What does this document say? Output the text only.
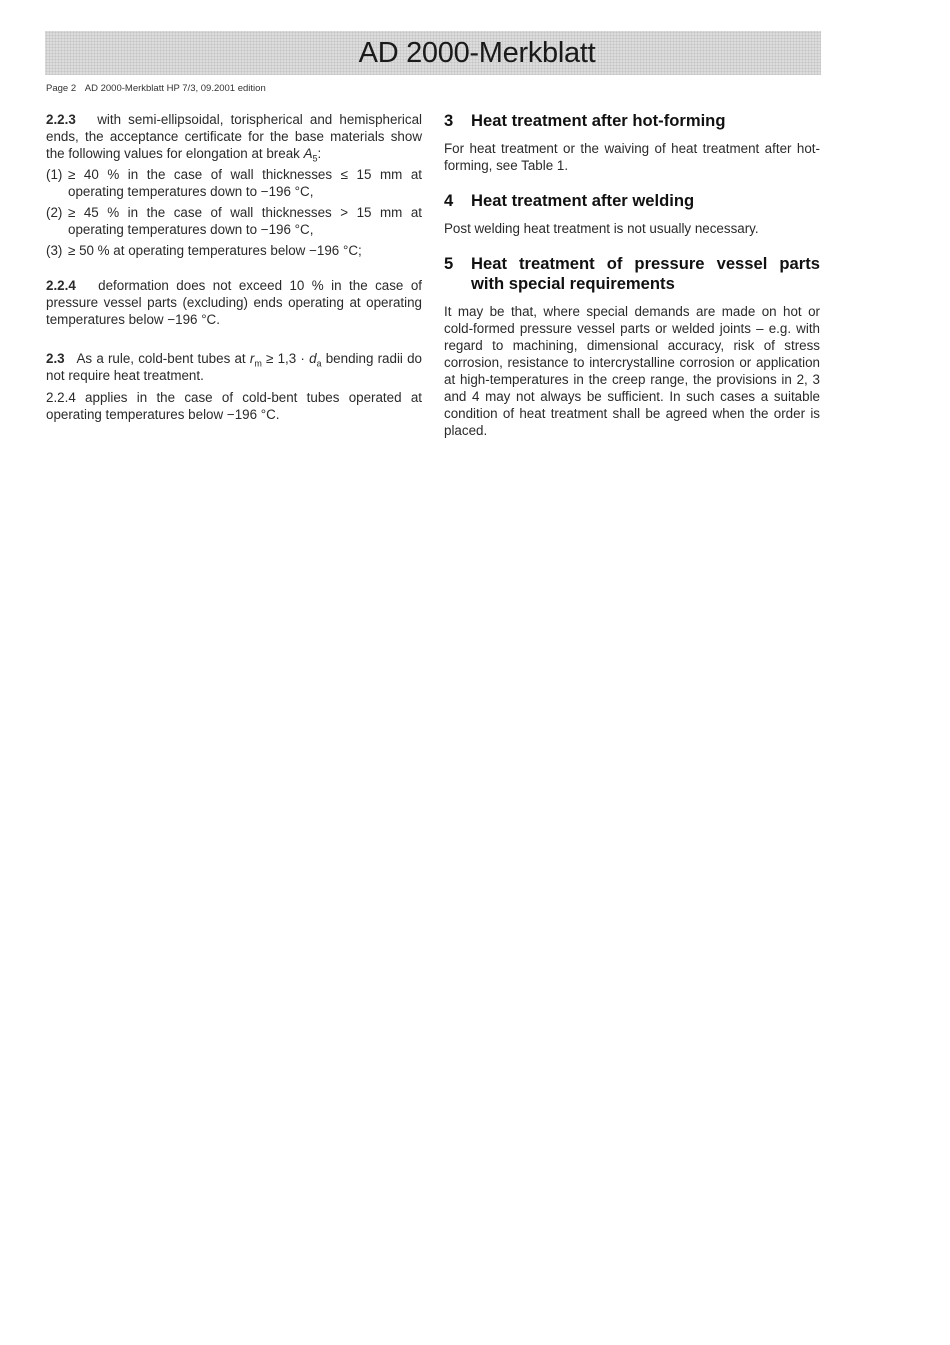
AD 2000-Merkblatt
Page 2 AD 2000-Merkblatt HP 7/3, 09.2001 edition

2.2.3 with semi-ellipsoidal, torispherical and hemispherical ends, the acceptance certificate for the base materials show the following values for elongation at break $A_5$:

(1) ≥ 40 % in the case of wall thicknesses ≤ 15 mm at operating temperatures down to −196 °C,
(2) ≥ 45 % in the case of wall thicknesses > 15 mm at operating temperatures down to −196 °C,
(3) ≥ 50 % at operating temperatures below −196 °C;

2.2.4 deformation does not exceed 10 % in the case of pressure vessel parts (excluding) ends operating at operating temperatures below −196 °C.

2.3 As a rule, cold-bent tubes at $r_m \ge 1,3 \cdot d_a$ bending radii do not require heat treatment.

2.2.4 applies in the case of cold-bent tubes operated at operating temperatures below −196 °C.

3	Heat treatment after hot-forming

For heat treatment or the waiving of heat treatment after hot-forming, see Table 1.

4	Heat treatment after welding

Post welding heat treatment is not usually necessary.

5	Heat treatment of pressure vessel parts with special requirements

It may be that, where special demands are made on hot or cold-formed pressure vessel parts or welded joints – e.g. with regard to machining, dimensional accuracy, risk of stress corrosion, resistance to intercrystalline corrosion or application at high-temperatures in the creep range, the provisions in 2, 3 and 4 may not always be sufficient. In such cases a suitable condition of heat treatment shall be agreed when the order is placed.
